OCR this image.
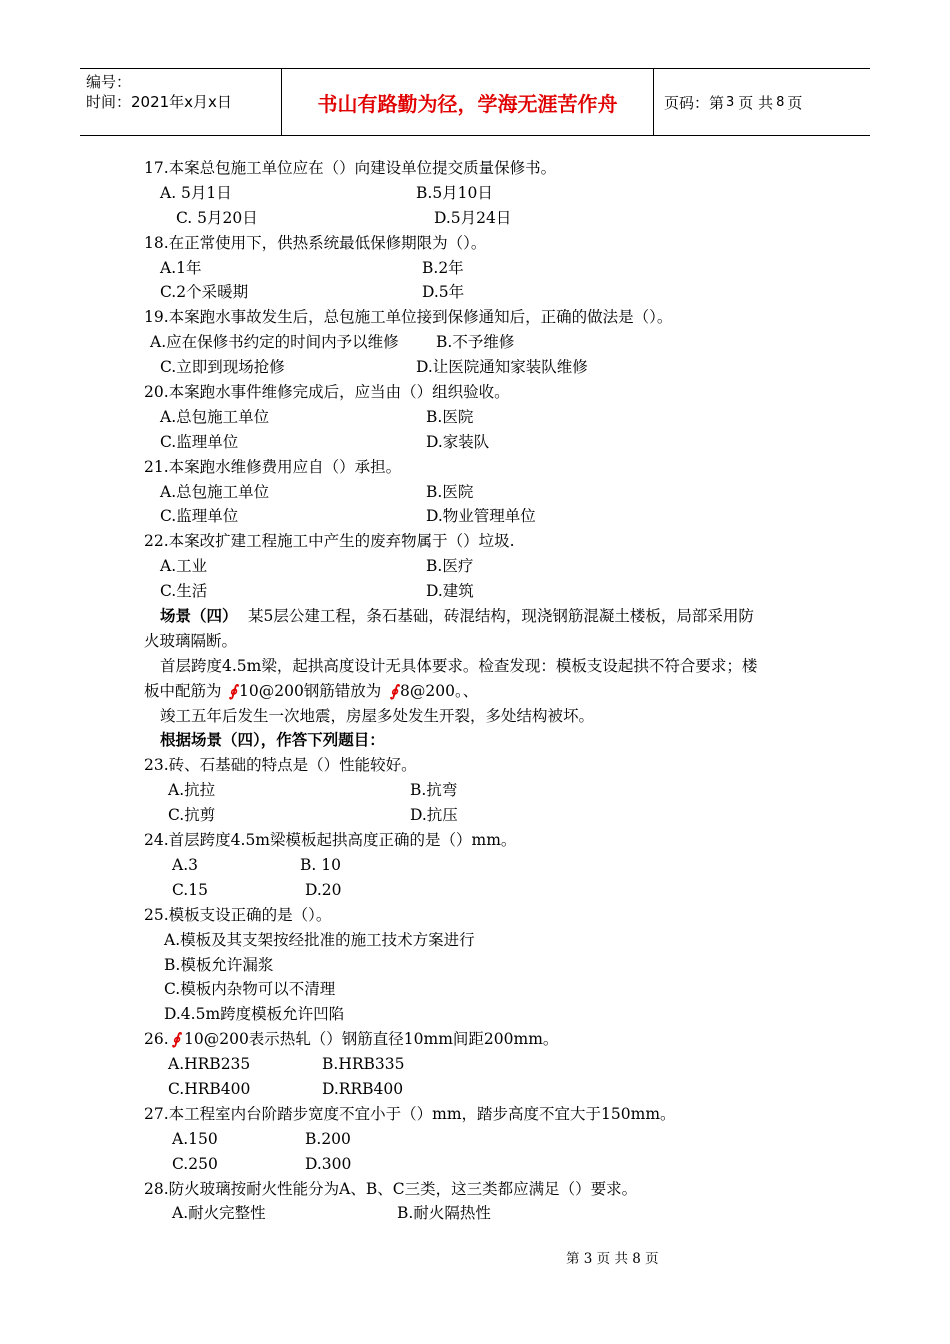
编号：
时间：2021年x月x日	书山有路勤为径，学海无涯苦作舟	页码：第 3 页 共 8 页
17.本案总包施工单位应在（）向建设单位提交质量保修书。
A. 5月1日	B.5月10日
C. 5月20日	D.5月24日
18.在正常使用下，供热系统最低保修期限为（）。
A.1年	B.2年
C.2个采暖期	D.5年
19.本案跑水事故发生后，总包施工单位接到保修通知后，正确的做法是（）。
A.应在保修书约定的时间内予以维修 B.不予维修
C.立即到现场抢修	D.让医院通知家装队维修
20.本案跑水事件维修完成后，应当由（）组织验收。
A.总包施工单位	B.医院
C.监理单位	D.家装队
21.本案跑水维修费用应自（）承担。
A.总包施工单位	B.医院
C.监理单位	D.物业管理单位
22.本案改扩建工程施工中产生的废弃物属于（）垃圾.
A.工业	B.医疗
C.生活	D.建筑
场景（四） 某5层公建工程，条石基础，砖混结构，现浇钢筋混凝土楼板，局部采用防
火玻璃隔断。
首层跨度4.5m梁，起拱高度设计无具体要求。检查发现：模板支设起拱不符合要求；楼
板中配筋为 ∮ 10@200钢筋错放为 ∮ 8@200。、
竣工五年后发生一次地震，房屋多处发生开裂，多处结构被坏。
根据场景（四），作答下列题目：
23.砖、石基础的特点是（）性能较好。
A.抗拉	B.抗弯
C.抗剪	D.抗压
24.首层跨度4.5m梁模板起拱高度正确的是（）mm。
A.3	B. 10
C.15	D.20
25.模板支设正确的是（）。
A.模板及其支架按经批准的施工技术方案进行
B.模板允许漏浆
C.模板内杂物可以不清理
D.4.5m跨度模板允许凹陷
26. ∮ 10@200表示热轧（）钢筋直径10mm间距200mm。
A.HRB235	B.HRB335
C.HRB400	D.RRB400
27.本工程室内台阶踏步宽度不宜小于（）mm，踏步高度不宜大于150mm。
A.150	B.200
C.250	D.300
28.防火玻璃按耐火性能分为A、B、C三类，这三类都应满足（）要求。
A.耐火完整性	B.耐火隔热性
第 3 页 共 8 页
